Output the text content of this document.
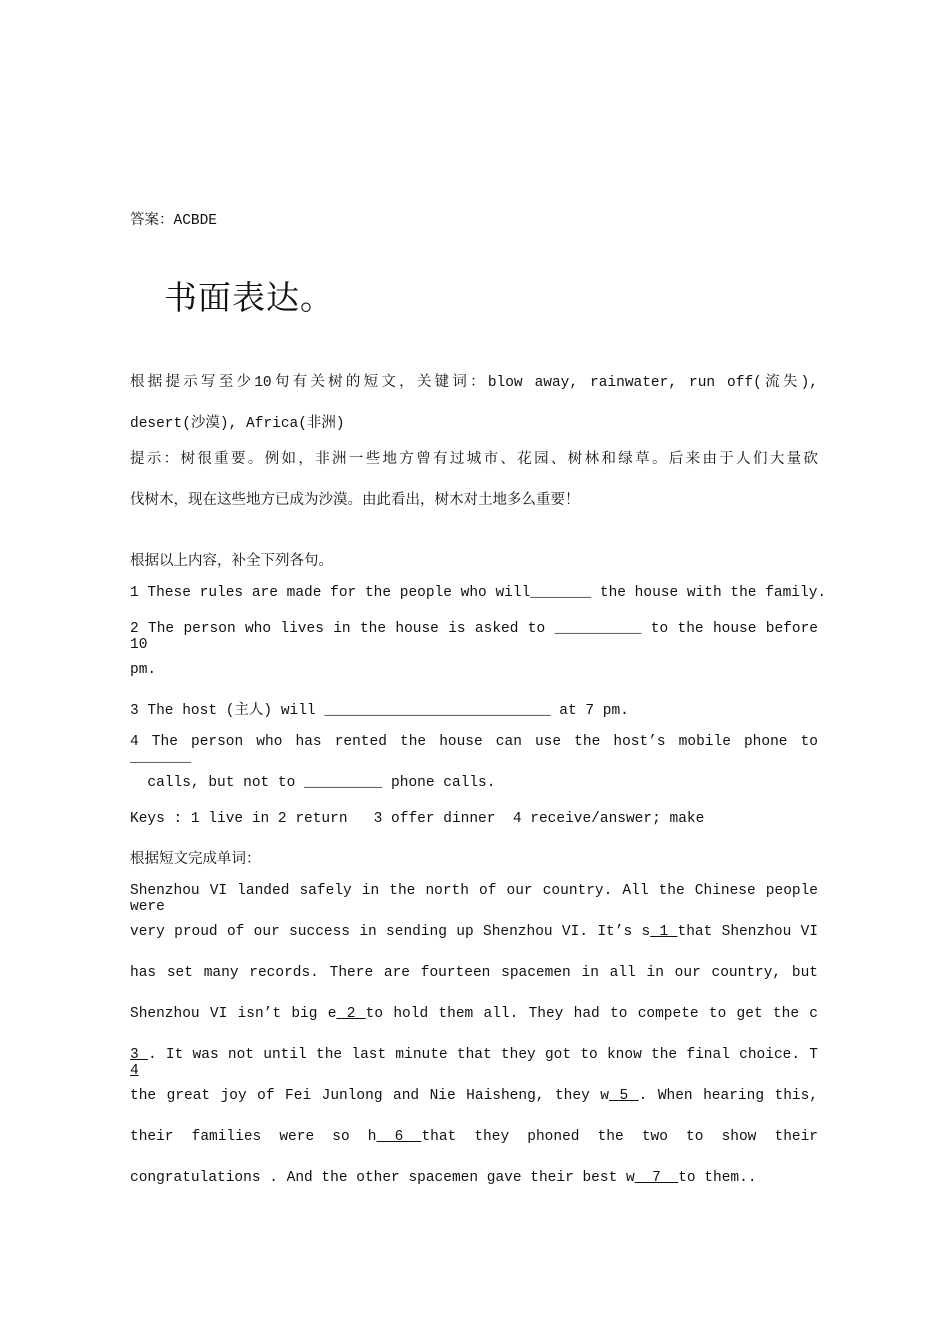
答案：ACBDE
书面表达。
根据提示写至少10句有关树的短文，关键词：blow away, rainwater, run off(流失),
desert(沙漠), Africa(非洲)
提示：树很重要。例如，非洲一些地方曾有过城市、花园、树林和绿草。后来由于人们大量砍
伐树木，现在这些地方已成为沙漠。由此看出，树木对土地多么重要！
根据以上内容，补全下列各句。
1 These rules are made for the people who will_______ the house with the family.
2 The person who lives in the house is asked to __________ to the house before 10
pm.
3 The host (主人) will __________________________ at 7 pm.
4 The person who has rented the house can use the host’s mobile phone to _______
calls, but not to _________ phone calls.
Keys : 1 live in 2 return   3 offer dinner  4 receive/answer; make
根据短文完成单词：
Shenzhou VI landed safely in the north of our country. All the Chinese people were
very proud of our success in sending up Shenzhou VI. It’s s 1 that Shenzhou VI
has set many records. There are fourteen spacemen in all in our country, but
Shenzhou VI isn’t big e 2 to hold them all. They had to compete to get the c
3 . It was not until the last minute that they got to know the final choice. T 4
the great joy of Fei Junlong and Nie Haisheng, they w 5 . When hearing this,
their families were so h 6 that they phoned the two to show their
congratulations . And the other spacemen gave their best w  7  to them..
